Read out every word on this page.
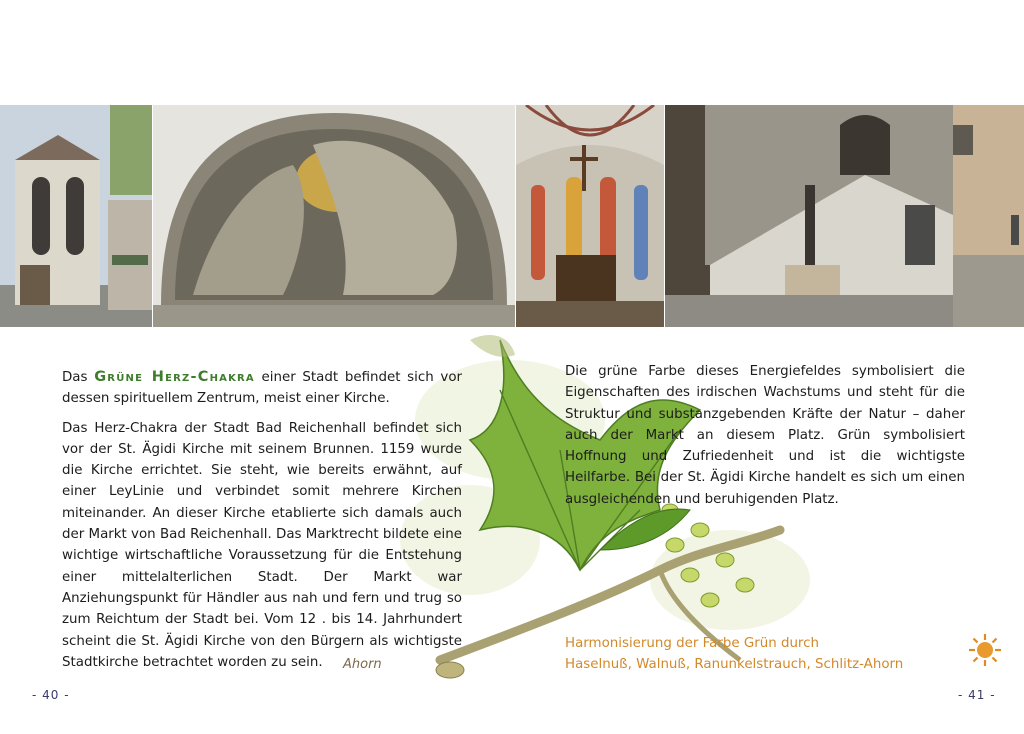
Das Grüne Herz-Chakra einer Stadt befindet sich vor dessen spirituellem Zentrum, meist einer Kirche.

Das Herz-Chakra der Stadt Bad Reichenhall befindet sich vor der St. Ägidi Kirche mit seinem Brunnen. 1159 wurde die Kirche errichtet. Sie steht, wie bereits erwähnt, auf einer LeyLinie und verbindet somit mehrere Kirchen miteinander. An dieser Kirche etablierte sich damals auch der Markt von Bad Reichenhall. Das Marktrecht bildete eine wichtige wirtschaftliche Voraussetzung für die Entstehung einer mittelalterlichen Stadt. Der Markt war Anziehungspunkt für Händler aus nah und fern und trug so zum Reichtum der Stadt bei. Vom 12 . bis 14. Jahrhundert scheint die St. Ägidi Kirche von den Bürgern als wichtigste Stadtkirche betrachtet worden zu sein.

Die grüne Farbe dieses Energiefeldes symbolisiert die Eigenschaften des irdischen Wachstums und steht für die Struktur und substanzgebenden Kräfte der Natur – daher auch der Markt an diesem Platz. Grün symbolisiert Hoffnung und Zufriedenheit und ist die wichtigste Heilfarbe. Bei der St. Ägidi Kirche handelt es sich um einen ausgleichenden und beruhigenden Platz.

Ahorn
Harmonisierung der Farbe Grün durch
Haselnuß, Walnuß, Ranunkelstrauch, Schlitz-Ahorn
- 40 -	- 41 -
